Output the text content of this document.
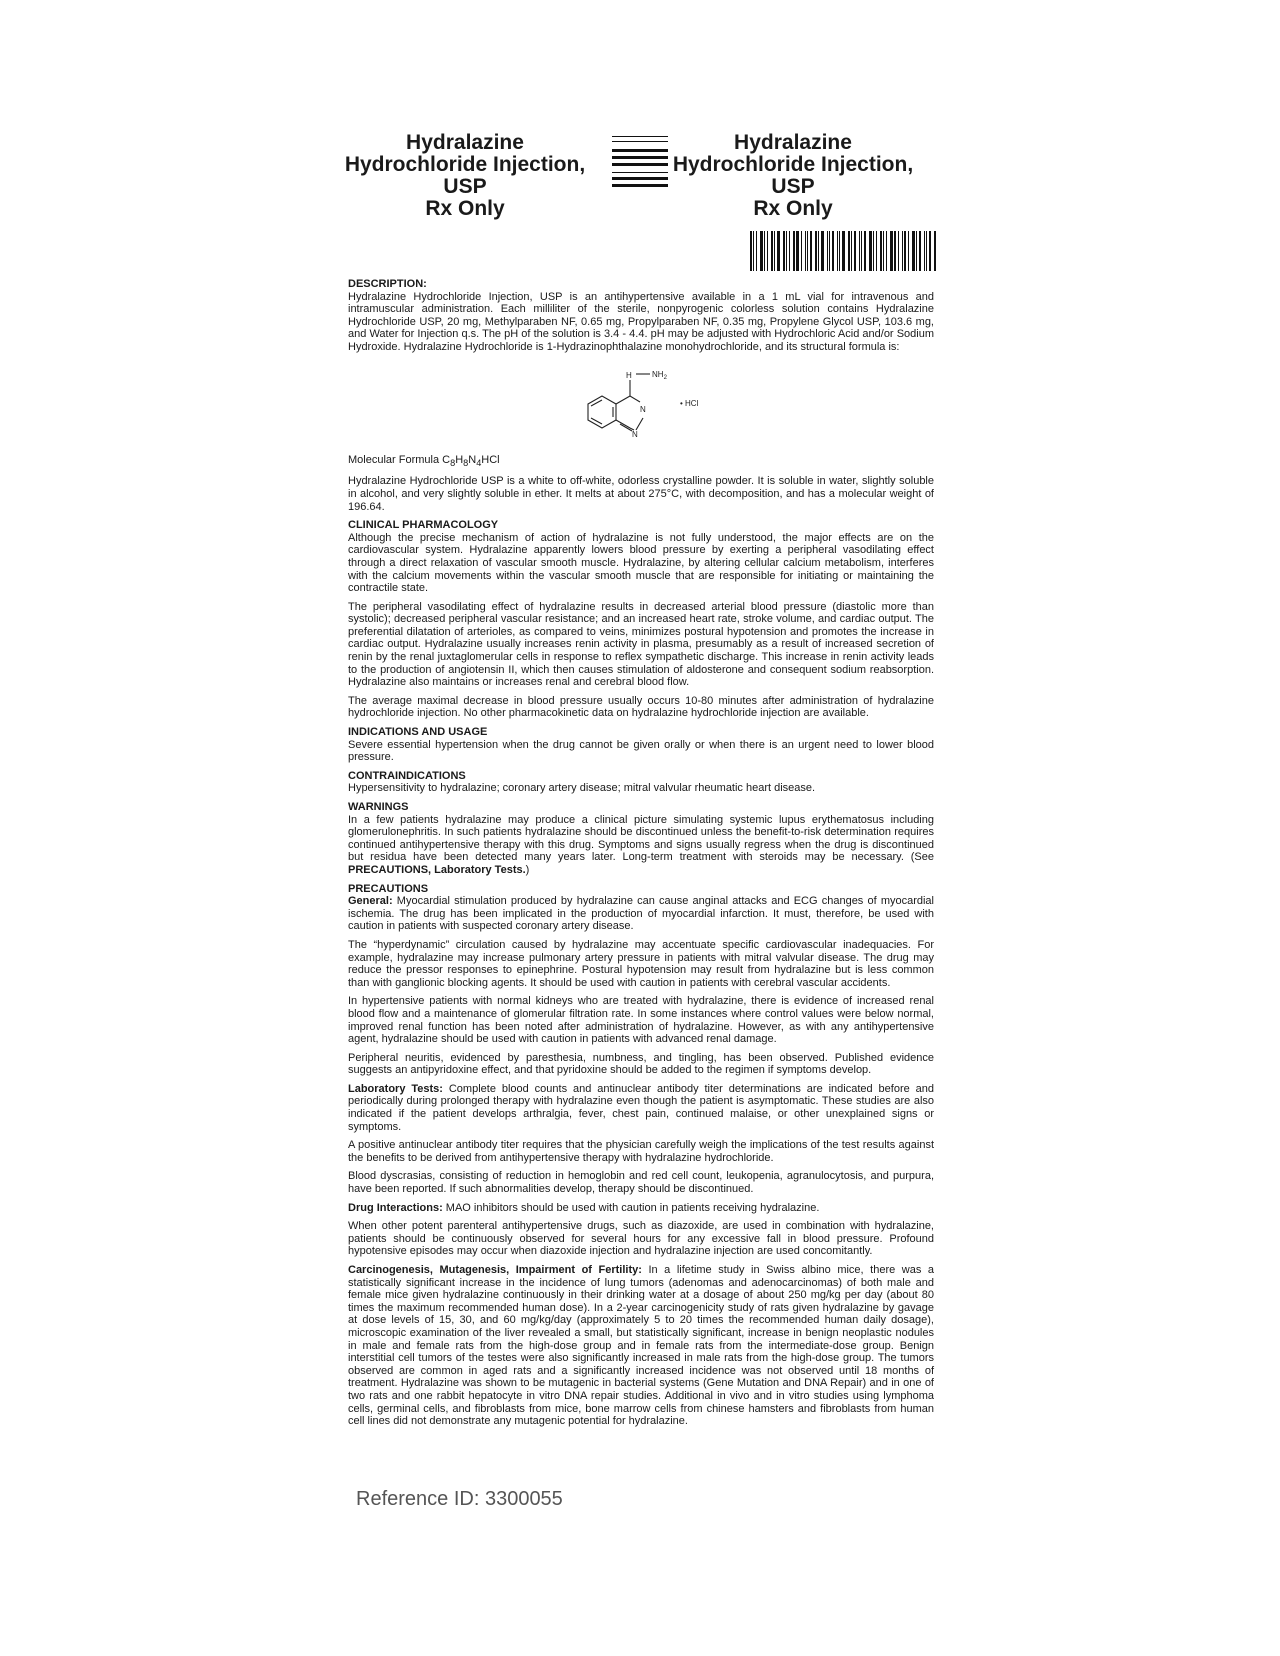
Hydralazine
Hydrochloride Injection,
USP
Rx Only
Hydralazine
Hydrochloride Injection,
USP
Rx Only
DESCRIPTION:

Hydralazine Hydrochloride Injection, USP is an antihypertensive available in a 1 mL vial for intravenous and intramuscular administration. Each milliliter of the sterile, nonpyrogenic colorless solution contains Hydralazine Hydrochloride USP, 20 mg, Methylparaben NF, 0.65 mg, Propylparaben NF, 0.35 mg, Propylene Glycol USP, 103.6 mg, and Water for Injection q.s. The pH of the solution is 3.4 - 4.4. pH may be adjusted with Hydrochloric Acid and/or Sodium Hydroxide. Hydralazine Hydrochloride is 1-Hydrazinophthalazine monohydrochloride, and its structural formula is:

H	$NH_2$
N
N
• HCl

Molecular Formula $C_8H_8N_4HCl$

Hydralazine Hydrochloride USP is a white to off-white, odorless crystalline powder. It is soluble in water, slightly soluble in alcohol, and very slightly soluble in ether. It melts at about 275°C, with decomposition, and has a molecular weight of 196.64.

CLINICAL PHARMACOLOGY

Although the precise mechanism of action of hydralazine is not fully understood, the major effects are on the cardiovascular system. Hydralazine apparently lowers blood pressure by exerting a peripheral vasodilating effect through a direct relaxation of vascular smooth muscle. Hydralazine, by altering cellular calcium metabolism, interferes with the calcium movements within the vascular smooth muscle that are responsible for initiating or maintaining the contractile state.

The peripheral vasodilating effect of hydralazine results in decreased arterial blood pressure (diastolic more than systolic); decreased peripheral vascular resistance; and an increased heart rate, stroke volume, and cardiac output. The preferential dilatation of arterioles, as compared to veins, minimizes postural hypotension and promotes the increase in cardiac output. Hydralazine usually increases renin activity in plasma, presumably as a result of increased secretion of renin by the renal juxtaglomerular cells in response to reflex sympathetic discharge. This increase in renin activity leads to the production of angiotensin II, which then causes stimulation of aldosterone and consequent sodium reabsorption. Hydralazine also maintains or increases renal and cerebral blood flow.

The average maximal decrease in blood pressure usually occurs 10-80 minutes after administration of hydralazine hydrochloride injection. No other pharmacokinetic data on hydralazine hydrochloride injection are available.

INDICATIONS AND USAGE

Severe essential hypertension when the drug cannot be given orally or when there is an urgent need to lower blood pressure.

CONTRAINDICATIONS

Hypersensitivity to hydralazine; coronary artery disease; mitral valvular rheumatic heart disease.

WARNINGS

In a few patients hydralazine may produce a clinical picture simulating systemic lupus erythematosus including glomerulonephritis. In such patients hydralazine should be discontinued unless the benefit-to-risk determination requires continued antihypertensive therapy with this drug. Symptoms and signs usually regress when the drug is discontinued but residua have been detected many years later. Long-term treatment with steroids may be necessary. (See PRECAUTIONS, Laboratory Tests.)

PRECAUTIONS

General: Myocardial stimulation produced by hydralazine can cause anginal attacks and ECG changes of myocardial ischemia. The drug has been implicated in the production of myocardial infarction. It must, therefore, be used with caution in patients with suspected coronary artery disease.

The “hyperdynamic” circulation caused by hydralazine may accentuate specific cardiovascular inadequacies. For example, hydralazine may increase pulmonary artery pressure in patients with mitral valvular disease. The drug may reduce the pressor responses to epinephrine. Postural hypotension may result from hydralazine but is less common than with ganglionic blocking agents. It should be used with caution in patients with cerebral vascular accidents.

In hypertensive patients with normal kidneys who are treated with hydralazine, there is evidence of increased renal blood flow and a maintenance of glomerular filtration rate. In some instances where control values were below normal, improved renal function has been noted after administration of hydralazine. However, as with any antihypertensive agent, hydralazine should be used with caution in patients with advanced renal damage.

Peripheral neuritis, evidenced by paresthesia, numbness, and tingling, has been observed. Published evidence suggests an antipyridoxine effect, and that pyridoxine should be added to the regimen if symptoms develop.

Laboratory Tests: Complete blood counts and antinuclear antibody titer determinations are indicated before and periodically during prolonged therapy with hydralazine even though the patient is asymptomatic. These studies are also indicated if the patient develops arthralgia, fever, chest pain, continued malaise, or other unexplained signs or symptoms.

A positive antinuclear antibody titer requires that the physician carefully weigh the implications of the test results against the benefits to be derived from antihypertensive therapy with hydralazine hydrochloride.

Blood dyscrasias, consisting of reduction in hemoglobin and red cell count, leukopenia, agranulocytosis, and purpura, have been reported. If such abnormalities develop, therapy should be discontinued.

Drug Interactions: MAO inhibitors should be used with caution in patients receiving hydralazine.

When other potent parenteral antihypertensive drugs, such as diazoxide, are used in combination with hydralazine, patients should be continuously observed for several hours for any excessive fall in blood pressure. Profound hypotensive episodes may occur when diazoxide injection and hydralazine injection are used concomitantly.

Carcinogenesis, Mutagenesis, Impairment of Fertility: In a lifetime study in Swiss albino mice, there was a statistically significant increase in the incidence of lung tumors (adenomas and adenocarcinomas) of both male and female mice given hydralazine continuously in their drinking water at a dosage of about 250 mg/kg per day (about 80 times the maximum recommended human dose). In a 2-year carcinogenicity study of rats given hydralazine by gavage at dose levels of 15, 30, and 60 mg/kg/day (approximately 5 to 20 times the recommended human daily dosage), microscopic examination of the liver revealed a small, but statistically significant, increase in benign neoplastic nodules in male and female rats from the high-dose group and in female rats from the intermediate-dose group. Benign interstitial cell tumors of the testes were also significantly increased in male rats from the high-dose group. The tumors observed are common in aged rats and a significantly increased incidence was not observed until 18 months of treatment. Hydralazine was shown to be mutagenic in bacterial systems (Gene Mutation and DNA Repair) and in one of two rats and one rabbit hepatocyte in vitro DNA repair studies. Additional in vivo and in vitro studies using lymphoma cells, germinal cells, and fibroblasts from mice, bone marrow cells from chinese hamsters and fibroblasts from human cell lines did not demonstrate any mutagenic potential for hydralazine.

Reference ID: 3300055
